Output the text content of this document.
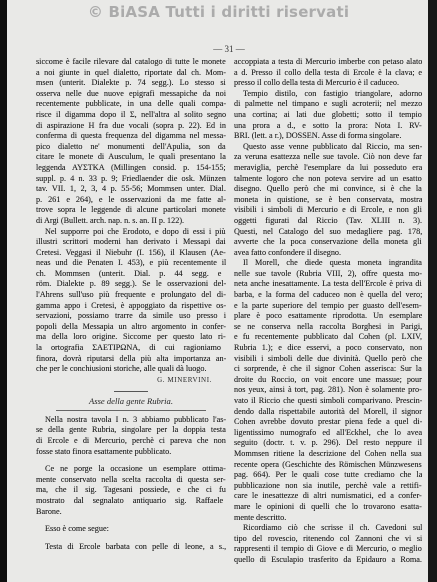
© BiASA Tutti i diritti riservati
— 31 —
siccome è facile rilevare dal catalogo di tutte le monete
a noi giunte in quel dialetto, riportate dal ch. Mom-
msen (unterit. Dialekte p. 74 segg.). Lo stesso si
osserva nelle due nuove epigrafi messapiche da noi
recentemente pubblicate, in una delle quali compa-
risce il digamma dopo il Σ, nell'altra al solito segno
di aspirazione H fra due vocali (sopra p. 22). Ed in
conferma di questa frequenza del digamma nel messa-
pico dialetto ne' monumenti dell'Apulia, son da
citare le monete di Ausculum, le quali presentano la
leggenda AYΣTKA (Millingen consid. p. 154-155;
suppl. p. 4 n. 33 p. 9; Friedlaender die osk. Münzen
tav. VII. 1, 2, 3, 4 p. 55-56; Mommsen unter. Dial.
p. 261 e 264), e le osservazioni da me fatte al-
trove sopra le leggende di alcune particolari monete
di Argi (Bullett. arch. nap. n. s. an. II p. 122).
Nel supporre poi che Erodoto, e dopo di essi i più
illustri scrittori moderni han derivato i Messapi dai
Cretesi. Veggasi il Niebuhr (I. 156), il Klausen (Ae-
neas und die Penaten I. 453), e più recentemente il
ch. Mommsen (unterit. Dial. p. 44 segg. e
röm. Dialekte p. 89 segg.). Se le osservazioni del-
l'Ahrens sull'uso più frequente e prolungato del di-
gamma appo i Cretesi, è appoggiato da rispettive os-
servazioni, possiamo trarre da simile uso presso i
popoli della Messapia un altro argomento in confer-
ma della loro origine. Siccome per questo lato ri-
la ortografia ΣΑΕΤΙΡΩΝΑ, di cui ragioniamo
finora, dovrà riputarsi della più alta importanza an-
che per le conchiusioni storiche, alle quali dà luogo.
G. MINERVINI.
Asse della gente Rubria.
Nella nostra tavola I n. 3 abbiamo pubblicato l'as-
se della gente Rubria, singolare per la doppia testa
di Ercole e di Mercurio, perchè ci pareva che non
fosse stato finora esattamente pubblicato.
Ce ne porge la occasione un esemplare ottima-
mente conservato nella scelta raccolta di questa ser-
ma, che il sig. Tagesani possiede, e che ci fu
mostrato dal segnalato antiquario sig. Raffaele
Barone.
Esso è come segue:
Testa di Ercole barbata con pelle di leone, a s.,
accoppiata a testa di Mercurio imberbe con petaso alato
a d. Presso il collo della testa di Ercole è la clava; e
presso il collo della testa di Mercurio è il caduceo.
Tempio distilo, con fastigio triangolare, adorno
di palmette nel timpano e sugli acroterii; nel mezzo
una cortina; ai lati due globetti; sotto il tempio
una prora a d., e sotto la prora: Nota I. RV-
BRI. (lett. a r.), DOSSEN. Asse di forma singolare.
Questo asse venne pubblicato dal Riccio, ma sen-
za veruna esattezza nelle sue tavole. Ciò non deve far
meraviglia, perchè l'esemplare da lui posseduto era
talmente logoro che non poteva servire ad un esatto
disegno. Quello però che mi convince, si è che la
moneta in quistione, se è ben conservata, mostra
visibili i simboli di Mercurio e di Ercole, e non gli
oggetti figurati dal Riccio (Tav. XLIII n. 3).
Questi, nel Catalogo del suo medagliere pag. 178,
avverte che la poca conservazione della moneta gli
avea fatto confondere il disegno.
Il Morell, che diede questa moneta ingrandita
nelle sue tavole (Rubria VIII, 2), offre questa mo-
neta anche inesattamente. La testa dell'Ercole è priva di
barba, e la forma del caduceo non è quella del vero;
e la parte superiore del tempio per guasto dell'esem-
plare è poco esattamente riprodotta. Un esemplare
se ne conserva nella raccolta Borghesi in Parigi,
e fu recentemente pubblicato dal Cohen (pl. LXIV,
Rubria 1.); e dice esservi, a poco conservato, non
visibili i simboli delle due divinità. Quello però che
ci sorprende, è che il signor Cohen asserisca: Sur la
droite du Roccio, on voit encore une massue; pour
nos yeux, ainsi à tort, pag. 281). Non è solamente pro-
vato il Riccio che questi simboli comparivano. Prescin-
dendo dalla rispettabile autorità del Morell, il signor
Cohen avrebbe dovuto prestar piena fede a quel di-
ligentissimo numografo ed all'Eckhel, che lo avea
seguito (doctr. t. v. p. 296). Del resto neppure il
Mommsen ritiene la descrizione del Cohen nella sua
recente opera (Geschichte des Römischen Münzwesens
pag. 664). Per le quali cose tutte crediamo che la
pubblicazione non sia inutile, perchè vale a rettifi-
care le inesattezze di altri numismatici, ed a confer-
mare le opinioni di quelli che lo trovarono esatta-
mente descritto.
Ricordiamo ciò che scrisse il ch. Cavedoni sul
tipo del rovescio, ritenendo col Zannoni che vi si
rappresenti il tempio di Giove e di Mercurio, o meglio
quello di Esculapio trasferito da Epidauro a Roma.
